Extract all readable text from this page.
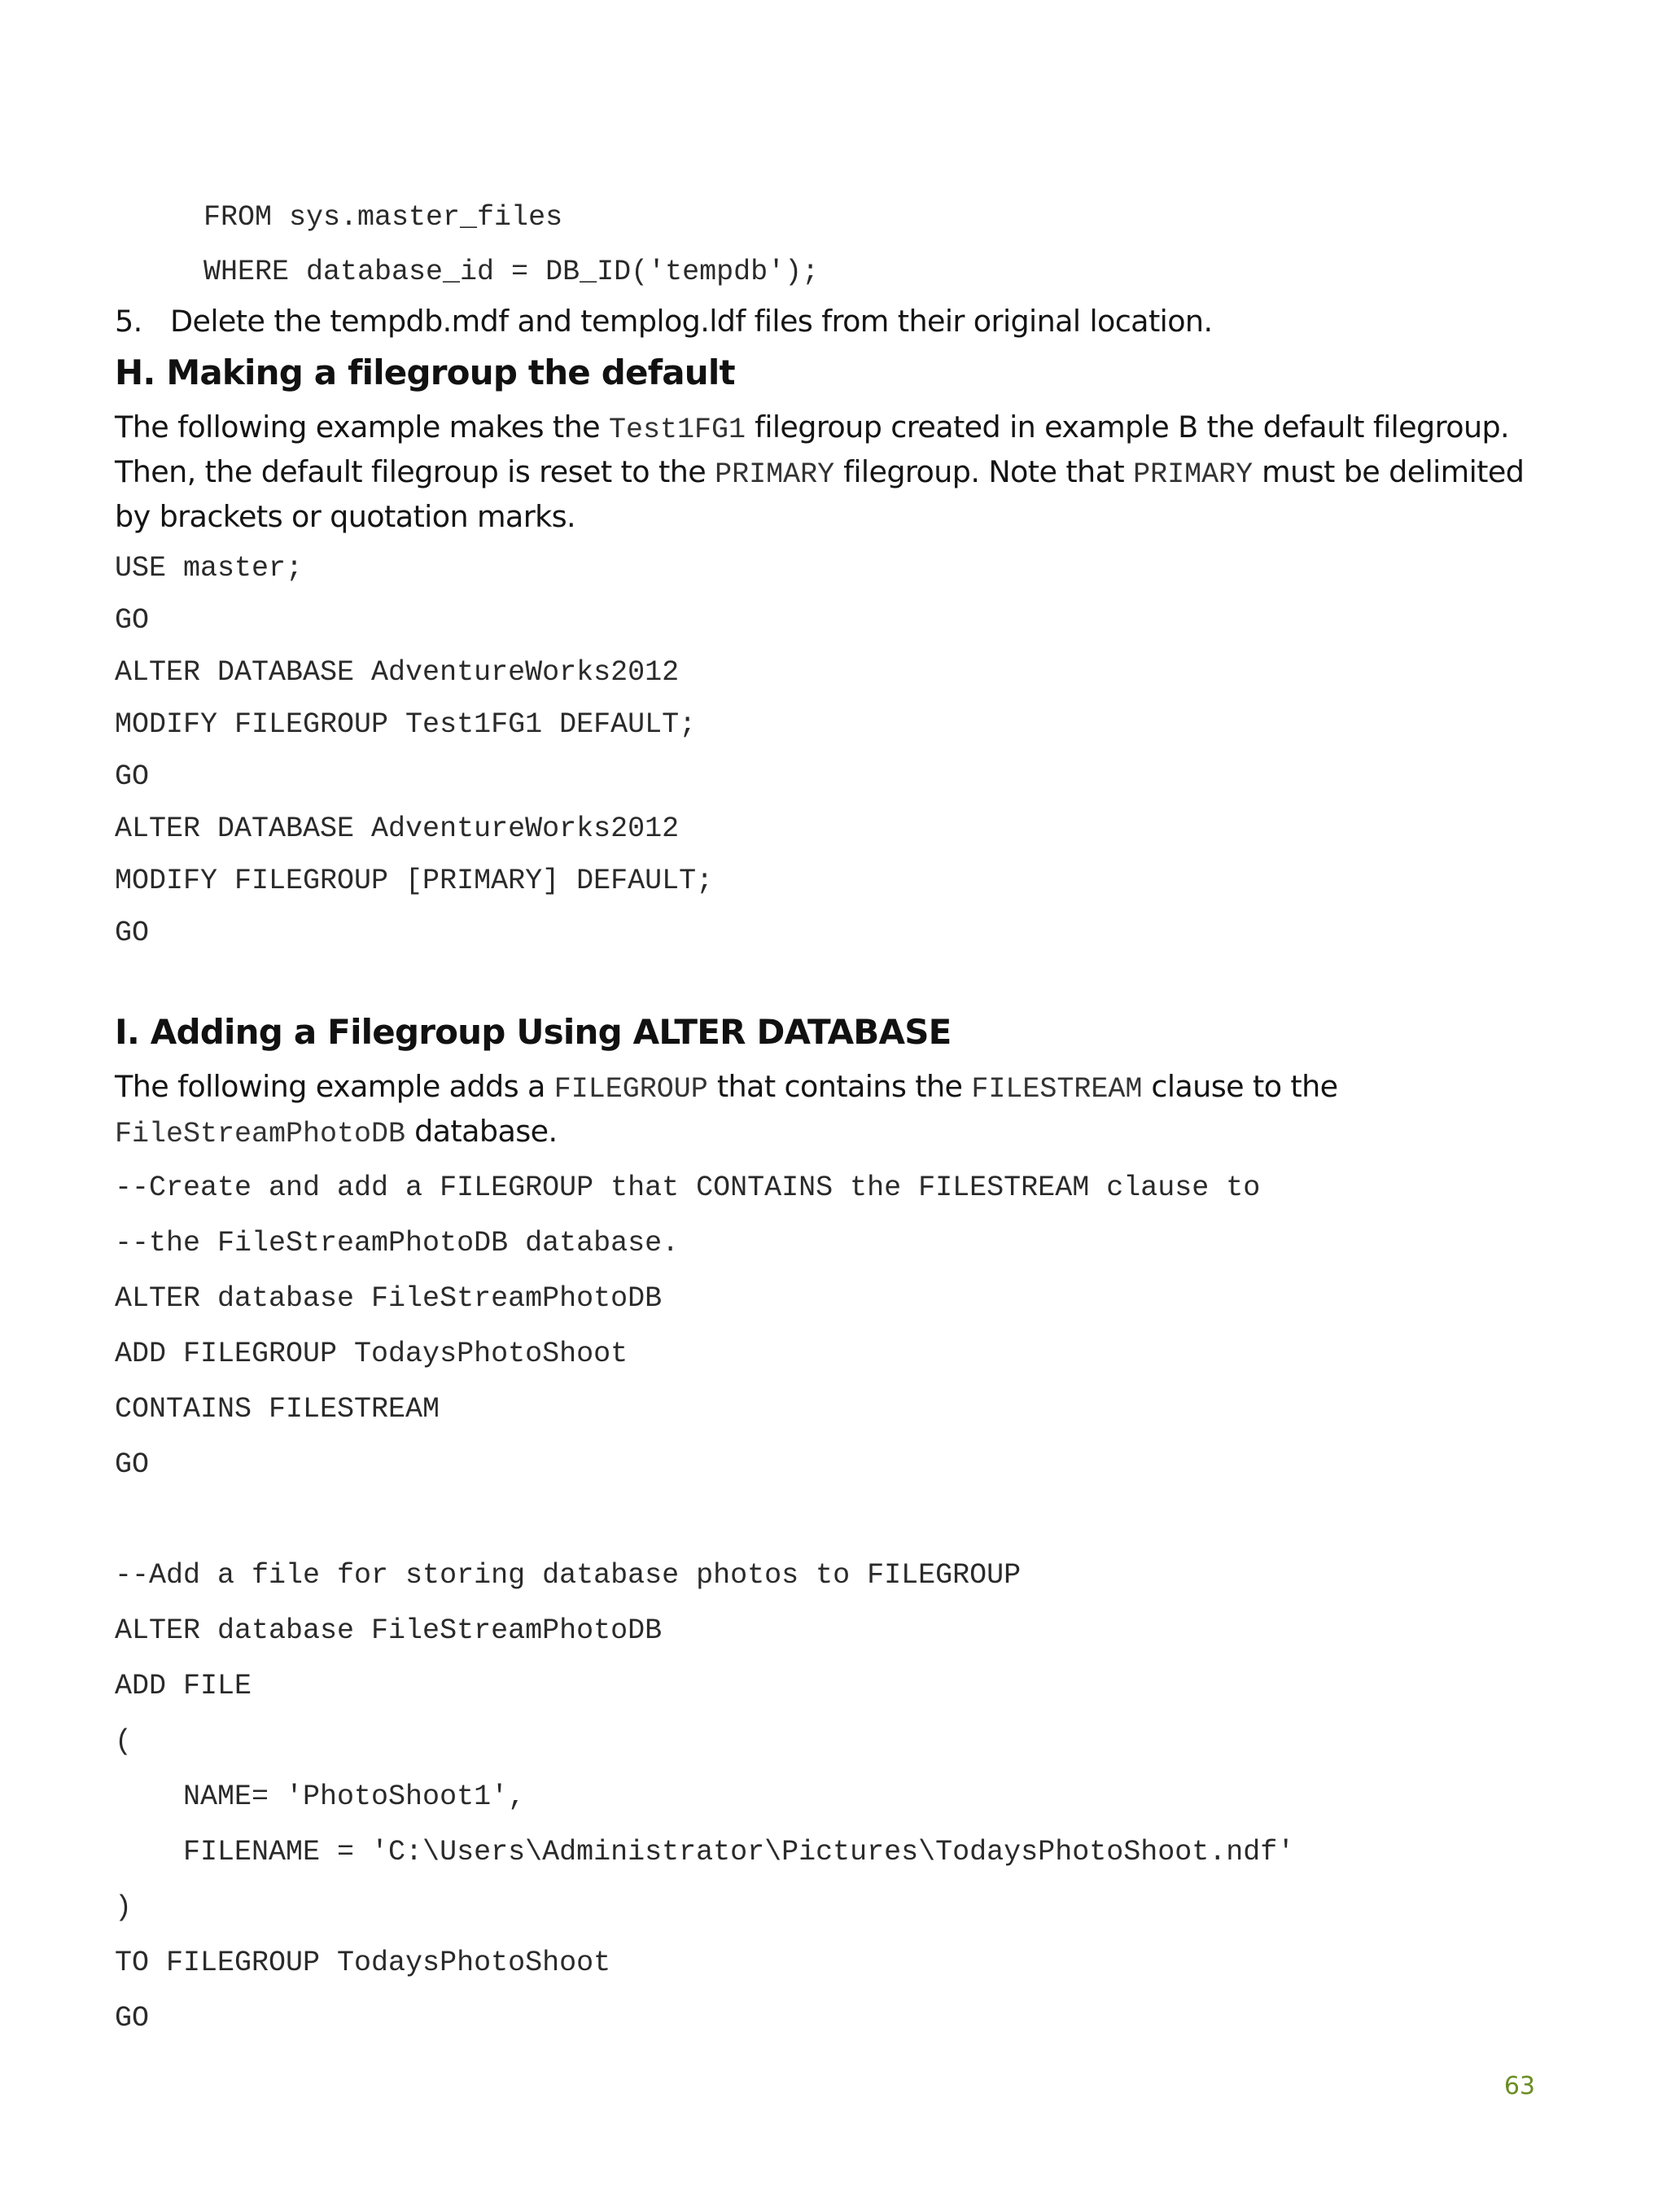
FROM sys.master_files
WHERE database_id = DB_ID('tempdb');

5. Delete the tempdb.mdf and templog.ldf files from their original location.

H. Making a filegroup the default

The following example makes the Test1FG1 filegroup created in example B the default filegroup. Then, the default filegroup is reset to the PRIMARY filegroup. Note that PRIMARY must be delimited by brackets or quotation marks.

USE master;
GO
ALTER DATABASE AdventureWorks2012
MODIFY FILEGROUP Test1FG1 DEFAULT;
GO
ALTER DATABASE AdventureWorks2012
MODIFY FILEGROUP [PRIMARY] DEFAULT;
GO
I. Adding a Filegroup Using ALTER DATABASE

The following example adds a FILEGROUP that contains the FILESTREAM clause to the FileStreamPhotoDB database.

--Create and add a FILEGROUP that CONTAINS the FILESTREAM clause to
--the FileStreamPhotoDB database.
ALTER database FileStreamPhotoDB
ADD FILEGROUP TodaysPhotoShoot
CONTAINS FILESTREAM
GO
--Add a file for storing database photos to FILEGROUP
ALTER database FileStreamPhotoDB
ADD FILE
(
NAME= 'PhotoShoot1',
FILENAME = 'C:\Users\Administrator\Pictures\TodaysPhotoShoot.ndf'
)
TO FILEGROUP TodaysPhotoShoot
GO

63
